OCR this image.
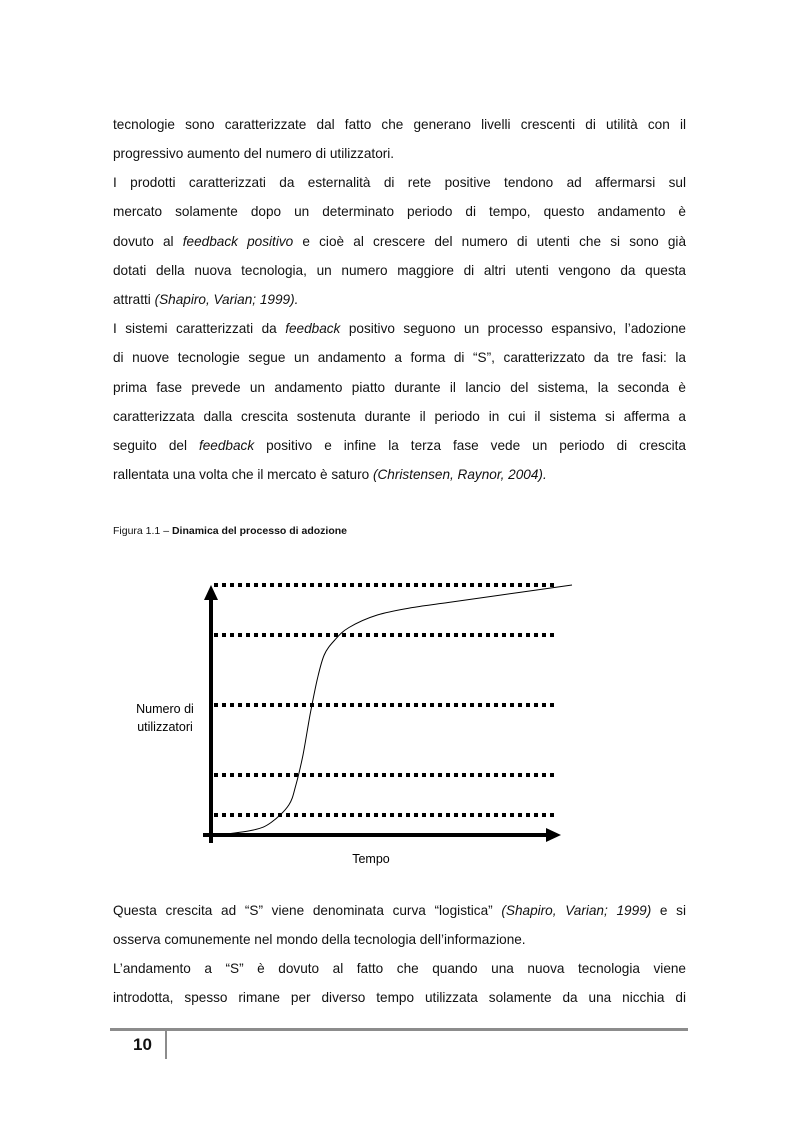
tecnologie sono caratterizzate dal fatto che generano livelli crescenti di utilità con il
progressivo aumento del numero di utilizzatori.
I prodotti caratterizzati da esternalità di rete positive tendono ad affermarsi sul
mercato solamente dopo un determinato periodo di tempo, questo andamento è
dovuto al feedback positivo e cioè al crescere del numero di utenti che si sono già
dotati della nuova tecnologia, un numero maggiore di altri utenti vengono da questa
attratti (Shapiro, Varian; 1999).
I sistemi caratterizzati da feedback positivo seguono un processo espansivo, l’adozione
di nuove tecnologie segue un andamento a forma di “S”, caratterizzato da tre fasi: la
prima fase prevede un andamento piatto durante il lancio del sistema, la seconda è
caratterizzata dalla crescita sostenuta durante il periodo in cui il sistema si afferma a
seguito del feedback positivo e infine la terza fase vede un periodo di crescita
rallentata una volta che il mercato è saturo (Christensen, Raynor, 2004).

Figura 1.1 – Dinamica del processo di adozione

Numero di
utilizzatori
Tempo
Questa crescita ad “S” viene denominata curva “logistica” (Shapiro, Varian; 1999) e si
osserva comunemente nel mondo della tecnologia dell’informazione.
L’andamento a “S” è dovuto al fatto che quando una nuova tecnologia viene
introdotta, spesso rimane per diverso tempo utilizzata solamente da una nicchia di

10
